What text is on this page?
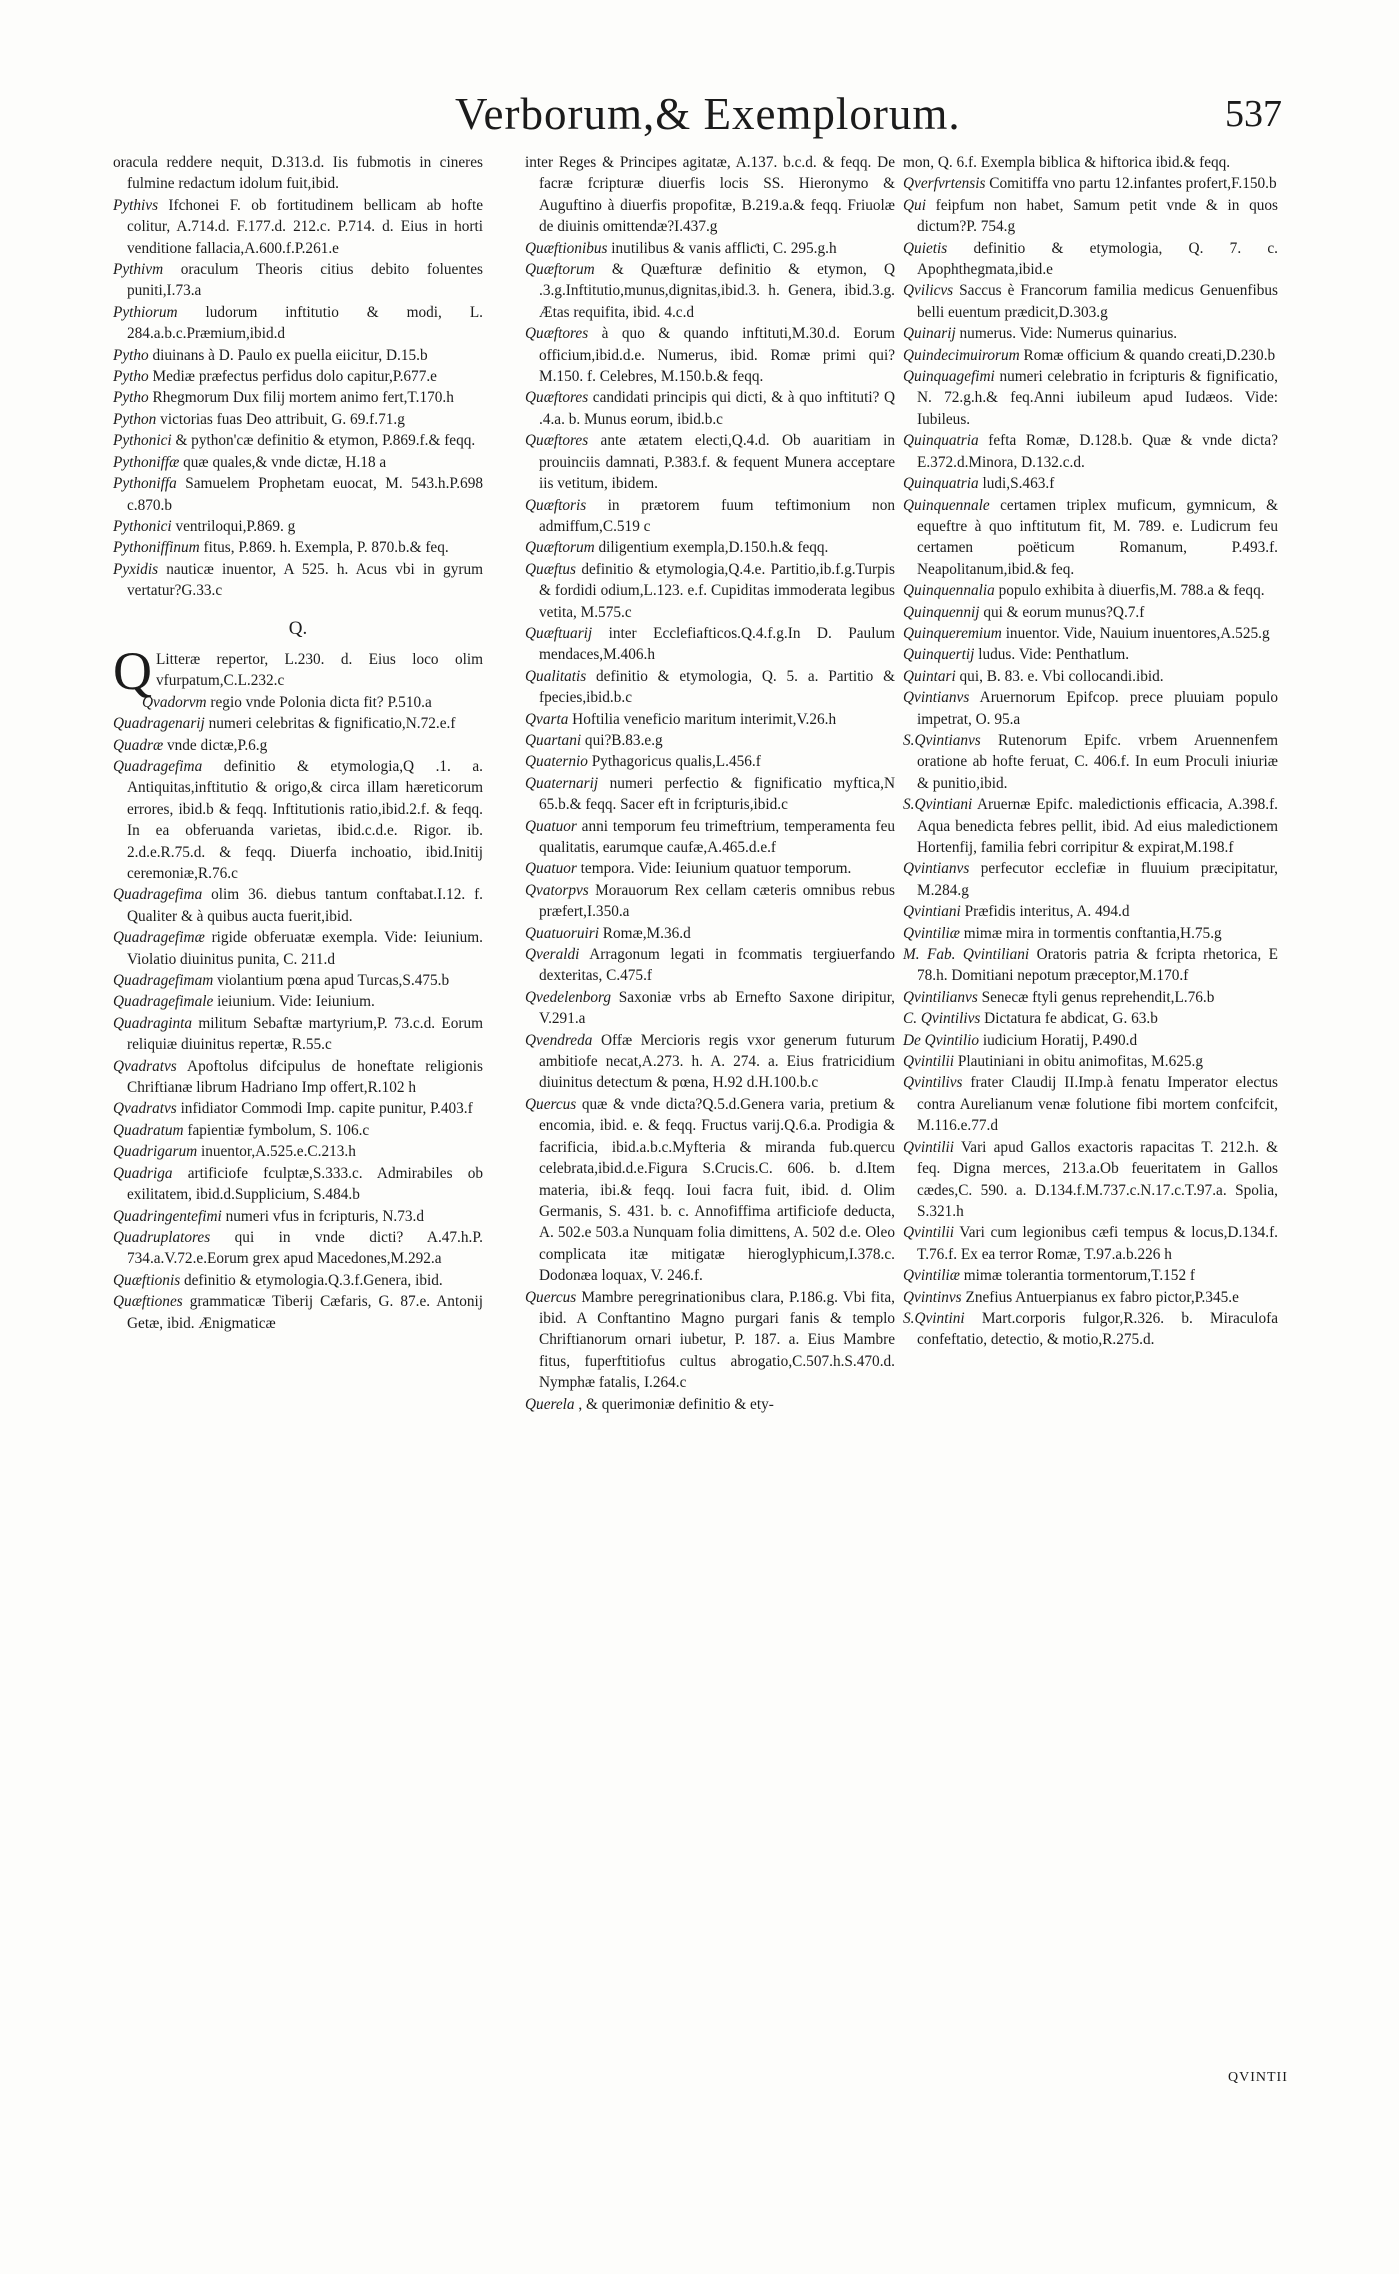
Verborum,& Exemplorum.	537

oracula reddere nequit, D.313.d. Iis fubmotis in cineres fulmine redactum idolum fuit,ibid.

Pythivs Ifchonei F. ob fortitudinem bellicam ab hofte colitur, A.714.d. F.177.d. 212.c. P.714. d. Eius in horti venditione fallacia,A.600.f.P.261.e

Pythivm oraculum Theoris citius debito foluentes puniti,I.73.a

Pythiorum ludorum inftitutio & modi, L. 284.a.b.c.Præmium,ibid.d

Pytho diuinans à D. Paulo ex puella eiicitur, D.15.b

Pytho Mediæ præfectus perfidus dolo capitur,P.677.e

Pytho Rhegmorum Dux filij mortem animo fert,T.170.h

Python victorias fuas Deo attribuit, G. 69.f.71.g

Pythonici & python'cæ definitio & etymon, P.869.f.& feqq.

Pythoniffæ quæ quales,& vnde dictæ, H.18 a

Pythoniffa Samuelem Prophetam euocat, M. 543.h.P.698 c.870.b

Pythonici ventriloqui,P.869. g

Pythoniffinum fitus, P.869. h. Exempla, P. 870.b.& feq.

Pyxidis nauticæ inuentor, A 525. h. Acus vbi in gyrum vertatur?G.33.c

Q.

Q Litteræ repertor, L.230. d. Eius loco olim vfurpatum,C.L.232.c

Qvadorvm regio vnde Polonia dicta fit? P.510.a

Quadragenarij numeri celebritas & fignificatio,N.72.e.f

Quadræ vnde dictæ,P.6.g

Quadragefima definitio & etymologia,Q .1. a. Antiquitas,inftitutio & origo,& circa illam hæreticorum errores, ibid.b & feqq. Inftitutionis ratio,ibid.2.f. & feqq. In ea obferuanda varietas, ibid.c.d.e. Rigor. ib. 2.d.e.R.75.d. & feqq. Diuerfa inchoatio, ibid.Initij ceremoniæ,R.76.c

Quadragefima olim 36. diebus tantum conftabat.I.12. f. Qualiter & à quibus aucta fuerit,ibid.

Quadragefimæ rigide obferuatæ exempla. Vide: Ieiunium. Violatio diuinitus punita, C. 211.d

Quadragefimam violantium pœna apud Turcas,S.475.b

Quadragefimale ieiunium. Vide: Ieiunium.

Quadraginta militum Sebaftæ martyrium,P. 73.c.d. Eorum reliquiæ diuinitus repertæ, R.55.c

Qvadratvs Apoftolus difcipulus de honeftate religionis Chriftianæ librum Hadriano Imp offert,R.102 h

Qvadratvs infidiator Commodi Imp. capite punitur, P.403.f

Quadratum fapientiæ fymbolum, S. 106.c

Quadrigarum inuentor,A.525.e.C.213.h

Quadriga artificiofe fculptæ,S.333.c. Admirabiles ob exilitatem, ibid.d.Supplicium, S.484.b

Quadringentefimi numeri vfus in fcripturis, N.73.d

Quadruplatores qui in vnde dicti? A.47.h.P. 734.a.V.72.e.Eorum grex apud Macedones,M.292.a

Quæftionis definitio & etymologia.Q.3.f.Genera, ibid.

Quæftiones grammaticæ Tiberij Cæfaris, G. 87.e. Antonij Getæ, ibid. Ænigmaticæ

inter Reges & Principes agitatæ, A.137. b.c.d. & feqq. De facræ fcripturæ diuerfis locis SS. Hieronymo & Auguftino à diuerfis propofitæ, B.219.a.& feqq. Friuolæ de diuinis omittendæ?I.437.g

Quæftionibus inutilibus & vanis affliƈti, C. 295.g.h

Quæftorum & Quæfturæ definitio & etymon, Q .3.g.Inftitutio,munus,dignitas,ibid.3. h. Genera, ibid.3.g. Ætas requifita, ibid. 4.c.d

Quæftores à quo & quando inftituti,M.30.d. Eorum officium,ibid.d.e. Numerus, ibid. Romæ primi qui? M.150. f. Celebres, M.150.b.& feqq.

Quæftores candidati principis qui dicti, & à quo inftituti? Q .4.a. b. Munus eorum, ibid.b.c

Quæftores ante ætatem electi,Q.4.d. Ob auaritiam in prouinciis damnati, P.383.f. & fequent Munera acceptare iis vetitum, ibidem.

Quæftoris in prætorem fuum teftimonium non admiffum,C.519 c

Quæftorum diligentium exempla,D.150.h.& feqq.

Quæftus definitio & etymologia,Q.4.e. Partitio,ib.f.g.Turpis & fordidi odium,L.123. e.f. Cupiditas immoderata legibus vetita, M.575.c

Quæftuarij inter Ecclefiafticos.Q.4.f.g.In D. Paulum mendaces,M.406.h

Qualitatis definitio & etymologia, Q. 5. a. Partitio & fpecies,ibid.b.c

Qvarta Hoftilia veneficio maritum interimit,V.26.h

Quartani qui?B.83.e.g

Quaternio Pythagoricus qualis,L.456.f

Quaternarij numeri perfectio & fignificatio myftica,N 65.b.& feqq. Sacer eft in fcripturis,ibid.c

Quatuor anni temporum feu trimeftrium, temperamenta feu qualitatis, earumque caufæ,A.465.d.e.f

Quatuor tempora. Vide: Ieiunium quatuor temporum.

Qvatorpvs Morauorum Rex cellam cæteris omnibus rebus præfert,I.350.a

Quatuoruiri Romæ,M.36.d

Qveraldi Arragonum legati in fcommatis tergiuerfando dexteritas, C.475.f

Qvedelenborg Saxoniæ vrbs ab Ernefto Saxone diripitur, V.291.a

Qvendreda Offæ Mercioris regis vxor generum futurum ambitiofe necat,A.273. h. A. 274. a. Eius fratricidium diuinitus detectum & pœna, H.92 d.H.100.b.c

Quercus quæ & vnde dicta?Q.5.d.Genera varia, pretium & encomia, ibid. e. & feqq. Fructus varij.Q.6.a. Prodigia & facrificia, ibid.a.b.c.Myfteria & miranda fub.quercu celebrata,ibid.d.e.Figura S.Crucis.C. 606. b. d.Item materia, ibi.& feqq. Ioui facra fuit, ibid. d. Olim Germanis, S. 431. b. c. Annofiffima artificiofe deducta, A. 502.e 503.a Nunquam folia dimittens, A. 502 d.e. Oleo complicata itæ mitigatæ hieroglyphicum,I.378.c. Dodonæa loquax, V. 246.f.

Quercus Mambre peregrinationibus clara, P.186.g. Vbi fita, ibid. A Conftantino Magno purgari fanis & templo Chriftianorum ornari iubetur, P. 187. a. Eius Mambre fitus, fuperftitiofus cultus abrogatio,C.507.h.S.470.d. Nymphæ fatalis, I.264.c

Querela , & querimoniæ definitio & ety-

mon, Q. 6.f. Exempla biblica & hiftorica ibid.& feqq.

Qverfvrtensis Comitiffa vno partu 12.infantes profert,F.150.b

Qui feipfum non habet, Samum petit vnde & in quos dictum?P. 754.g

Quietis definitio & etymologia, Q. 7. c. Apophthegmata,ibid.e

Qvilicvs Saccus è Francorum familia medicus Genuenfibus belli euentum prædicit,D.303.g

Quinarij numerus. Vide: Numerus quinarius.

Quindecimuirorum Romæ officium & quando creati,D.230.b

Quinquagefimi numeri celebratio in fcripturis & fignificatio, N. 72.g.h.& feq.Anni iubileum apud Iudæos. Vide: Iubileus.

Quinquatria fefta Romæ, D.128.b. Quæ & vnde dicta?E.372.d.Minora, D.132.c.d.

Quinquatria ludi,S.463.f

Quinquennale certamen triplex muficum, gymnicum, & equeftre à quo inftitutum fit, M. 789. e. Ludicrum feu certamen poëticum Romanum, P.493.f. Neapolitanum,ibid.& feq.

Quinquennalia populo exhibita à diuerfis,M. 788.a & feqq.

Quinquennij qui & eorum munus?Q.7.f

Quinqueremium inuentor. Vide, Nauium inuentores,A.525.g

Quinquertij ludus. Vide: Penthatlum.

Quintari qui, B. 83. e. Vbi collocandi.ibid.

Qvintianvs Aruernorum Epifcop. prece pluuiam populo impetrat, O. 95.a

S.Qvintianvs Rutenorum Epifc. vrbem Aruennenfem oratione ab hofte feruat, C. 406.f. In eum Proculi iniuriæ & punitio,ibid.

S.Qvintiani Aruernæ Epifc. maledictionis efficacia, A.398.f. Aqua benedicta febres pellit, ibid. Ad eius maledictionem Hortenfij, familia febri corripitur & expirat,M.198.f

Qvintianvs perfecutor ecclefiæ in fluuium præcipitatur, M.284.g

Qvintiani Præfidis interitus, A. 494.d

Qvintiliæ mimæ mira in tormentis conftantia,H.75.g

M. Fab. Qvintiliani Oratoris patria & fcripta rhetorica, E 78.h. Domitiani nepotum præceptor,M.170.f

Qvintilianvs Senecæ ftyli genus reprehendit,L.76.b

C. Qvintilivs Dictatura fe abdicat, G. 63.b

De Qvintilio iudicium Horatij, P.490.d

Qvintilii Plautiniani in obitu animofitas, M.625.g

Qvintilivs frater Claudij II.Imp.à fenatu Imperator electus contra Aurelianum venæ folutione fibi mortem confcifcit, M.116.e.77.d

Qvintilii Vari apud Gallos exactoris rapacitas T. 212.h. & feq. Digna merces, 213.a.Ob feueritatem in Gallos cædes,C. 590. a. D.134.f.M.737.c.N.17.c.T.97.a. Spolia, S.321.h

Qvintilii Vari cum legionibus cæfi tempus & locus,D.134.f. T.76.f. Ex ea terror Romæ, T.97.a.b.226 h

Qvintiliæ mimæ tolerantia tormentorum,T.152 f

Qvintinvs Znefius Antuerpianus ex fabro pictor,P.345.e

S.Qvintini Mart.corporis fulgor,R.326. b. Miraculofa confeftatio, detectio, & motio,R.275.d.

QVINTII
